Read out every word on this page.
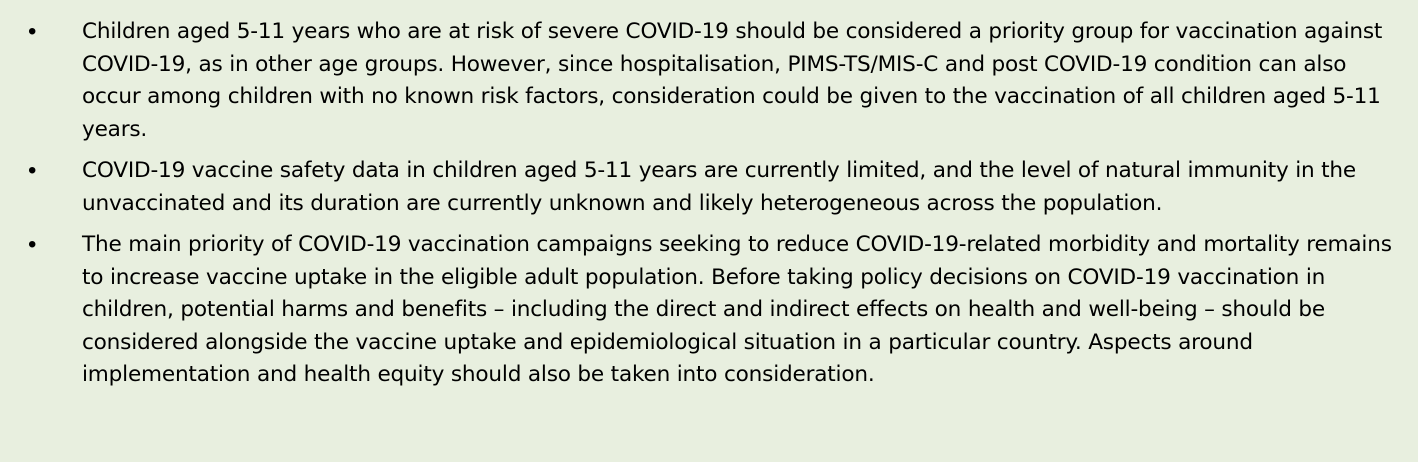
• Children aged 5-11 years who are at risk of severe COVID-19 should be considered a priority group for vaccination against COVID-19, as in other age groups. However, since hospitalisation, PIMS-TS/MIS-C and post COVID-19 condition can also occur among children with no known risk factors, consideration could be given to the vaccination of all children aged 5-11 years.
• COVID-19 vaccine safety data in children aged 5-11 years are currently limited, and the level of natural immunity in the unvaccinated and its duration are currently unknown and likely heterogeneous across the population.
• The main priority of COVID-19 vaccination campaigns seeking to reduce COVID-19-related morbidity and mortality remains to increase vaccine uptake in the eligible adult population. Before taking policy decisions on COVID-19 vaccination in children, potential harms and benefits – including the direct and indirect effects on health and well-being – should be considered alongside the vaccine uptake and epidemiological situation in a particular country. Aspects around implementation and health equity should also be taken into consideration.
